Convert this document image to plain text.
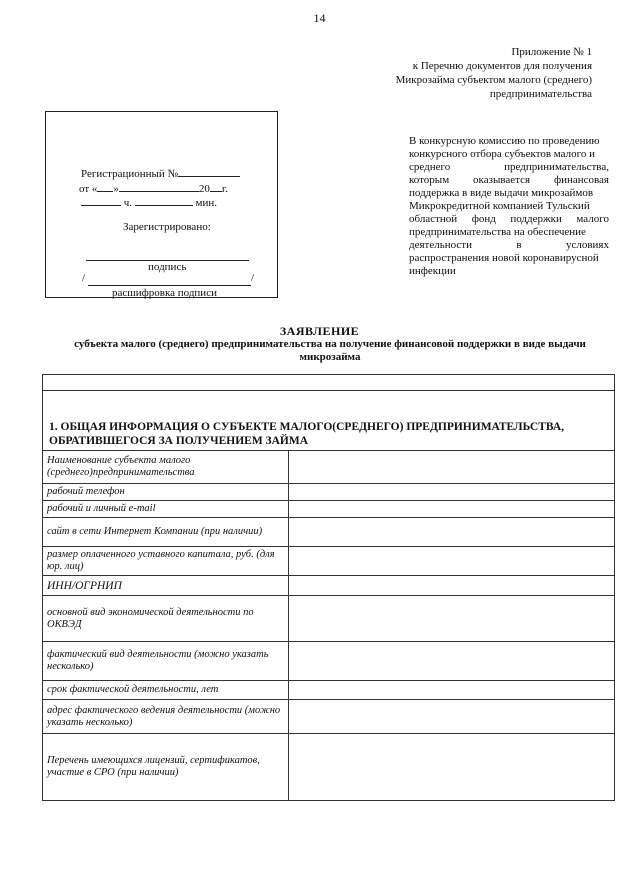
14
Приложение № 1
к Перечню документов для получения
Микрозайма субъектом малого (среднего)
предпринимательства
Регистрационный №
от « »	20 г.
ч.	мин.
Зарегистрировано:
подпись
/	/
расшифровка подписи
В конкурсную комиссию по проведению
конкурсного отбора субъектов малого и
среднего	предпринимательства,
которым оказывается финансовая
поддержка в виде выдачи микрозаймов
Микрокредитной компанией Тульский
областной фонд поддержки малого
предпринимательства на обеспечение
деятельности	в	условиях
распространения новой коронавирусной
инфекции
ЗАЯВЛЕНИЕ
субъекта малого (среднего) предпринимательства на получение финансовой поддержки в виде выдачи
микрозайма

1. ОБЩАЯ ИНФОРМАЦИЯ О СУБЪЕКТЕ МАЛОГО(СРЕДНЕГО) ПРЕДПРИНИМАТЕЛЬСТВА,
ОБРАТИВШЕГОСЯ ЗА ПОЛУЧЕНИЕМ ЗАЙМА	

Наименование субъекта малого (среднего)предпринимательства	
рабочий телефон	
рабочий и личный e-mail	
сайт в сети Интернет Компании (при наличии)	
размер оплаченного уставного капитала, руб. (для юр. лиц)	
ИНН/ОГРНИП	
основной вид экономической деятельности по ОКВЭД	
фактический вид деятельности (можно указать несколько)	
срок фактической деятельности, лет	
адрес фактического ведения деятельности (можно указать несколько)	
Перечень имеющихся лицензий, сертификатов, участие в СРО (при наличии)	
